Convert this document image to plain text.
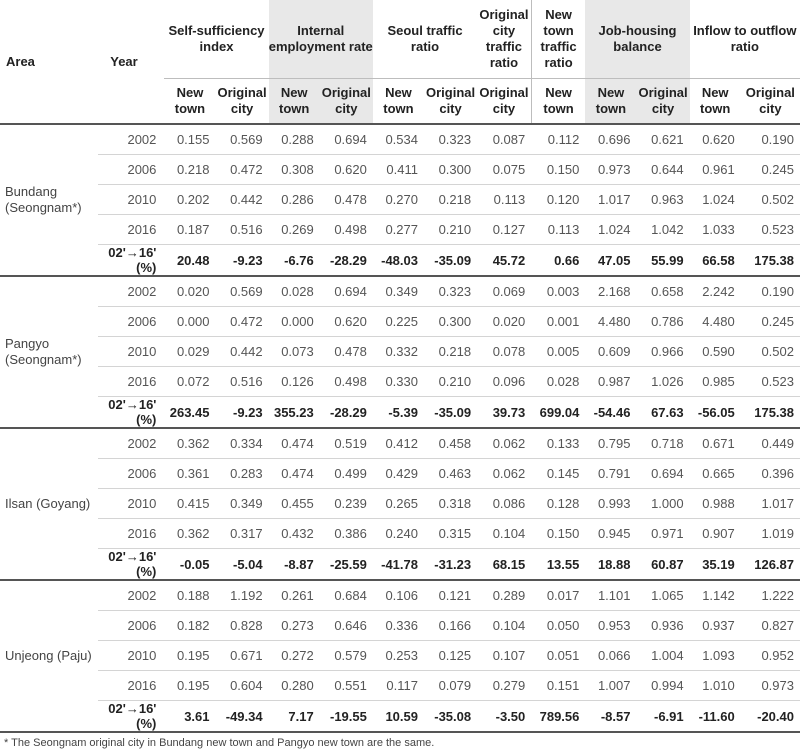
Area	Year	Self-sufficiency index		Internal employment rate		Seoul traffic ratio		Original city traffic ratio	New town traffic ratio	Job-housing balance		Inflow to outflow ratio	
		New town	Original city	New town	Original city	New town	Original city	Original city	New town	New town	Original city	New town	Original city
Bundang (Seongnam*)	2002	0.155	0.569	0.288	0.694	0.534	0.323	0.087	0.112	0.696	0.621	0.620	0.190
	2006	0.218	0.472	0.308	0.620	0.411	0.300	0.075	0.150	0.973	0.644	0.961	0.245
	2010	0.202	0.442	0.286	0.478	0.270	0.218	0.113	0.120	1.017	0.963	1.024	0.502
	2016	0.187	0.516	0.269	0.498	0.277	0.210	0.127	0.113	1.024	1.042	1.033	0.523
	02'→16' (%)	20.48	-9.23	-6.76	-28.29	-48.03	-35.09	45.72	0.66	47.05	55.99	66.58	175.38
Pangyo (Seongnam*)	2002	0.020	0.569	0.028	0.694	0.349	0.323	0.069	0.003	2.168	0.658	2.242	0.190
	2006	0.000	0.472	0.000	0.620	0.225	0.300	0.020	0.001	4.480	0.786	4.480	0.245
	2010	0.029	0.442	0.073	0.478	0.332	0.218	0.078	0.005	0.609	0.966	0.590	0.502
	2016	0.072	0.516	0.126	0.498	0.330	0.210	0.096	0.028	0.987	1.026	0.985	0.523
	02'→16' (%)	263.45	-9.23	355.23	-28.29	-5.39	-35.09	39.73	699.04	-54.46	67.63	-56.05	175.38
Ilsan (Goyang)	2002	0.362	0.334	0.474	0.519	0.412	0.458	0.062	0.133	0.795	0.718	0.671	0.449
	2006	0.361	0.283	0.474	0.499	0.429	0.463	0.062	0.145	0.791	0.694	0.665	0.396
	2010	0.415	0.349	0.455	0.239	0.265	0.318	0.086	0.128	0.993	1.000	0.988	1.017
	2016	0.362	0.317	0.432	0.386	0.240	0.315	0.104	0.150	0.945	0.971	0.907	1.019
	02'→16' (%)	-0.05	-5.04	-8.87	-25.59	-41.78	-31.23	68.15	13.55	18.88	60.87	35.19	126.87
Unjeong (Paju)	2002	0.188	1.192	0.261	0.684	0.106	0.121	0.289	0.017	1.101	1.065	1.142	1.222
	2006	0.182	0.828	0.273	0.646	0.336	0.166	0.104	0.050	0.953	0.936	0.937	0.827
	2010	0.195	0.671	0.272	0.579	0.253	0.125	0.107	0.051	0.066	1.004	1.093	0.952
	2016	0.195	0.604	0.280	0.551	0.117	0.079	0.279	0.151	1.007	0.994	1.010	0.973
	02'→16' (%)	3.61	-49.34	7.17	-19.55	10.59	-35.08	-3.50	789.56	-8.57	-6.91	-11.60	-20.40
* The Seongnam original city in Bundang new town and Pangyo new town are the same.
